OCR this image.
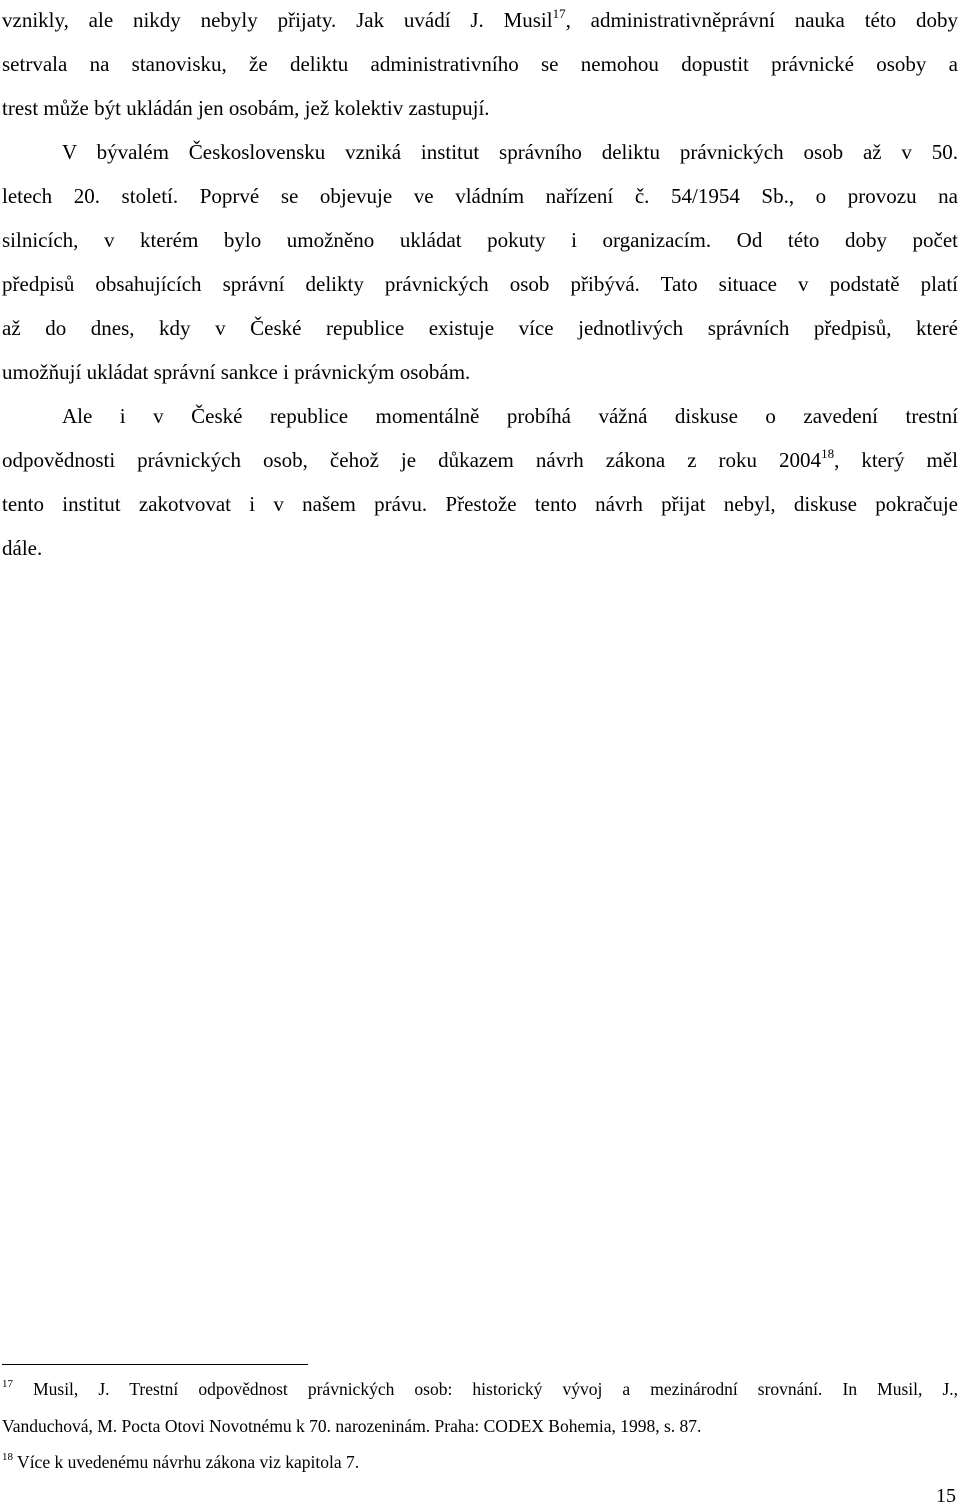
vznikly, ale nikdy nebyly přijaty. Jak uvádí J. Musil$^{17}$, administrativněprávní nauka této doby
setrvala na stanovisku, že deliktu administrativního se nemohou dopustit právnické osoby a
trest může být ukládán jen osobám, jež kolektiv zastupují.
V bývalém Československu vzniká institut správního deliktu právnických osob až v 50.
letech 20. století. Poprvé se objevuje ve vládním nařízení č. 54/1954 Sb., o provozu na
silnicích, v kterém bylo umožněno ukládat pokuty i organizacím. Od této doby počet
předpisů obsahujících správní delikty právnických osob přibývá. Tato situace v podstatě platí
až do dnes, kdy v České republice existuje více jednotlivých správních předpisů, které
umožňují ukládat správní sankce i právnickým osobám.
Ale i v České republice momentálně probíhá vážná diskuse o zavedení trestní
odpovědnosti právnických osob, čehož je důkazem návrh zákona z roku 2004$^{18}$, který měl
tento institut zakotvovat i v našem právu. Přestože tento návrh přijat nebyl, diskuse pokračuje
dále.
$^{17}$ Musil, J. Trestní odpovědnost právnických osob: historický vývoj a mezinárodní srovnání. In Musil, J.,
Vanduchová, M. Pocta Otovi Novotnému k 70. narozeninám. Praha: CODEX Bohemia, 1998, s. 87.
$^{18}$ Více k uvedenému návrhu zákona viz kapitola 7.
15
